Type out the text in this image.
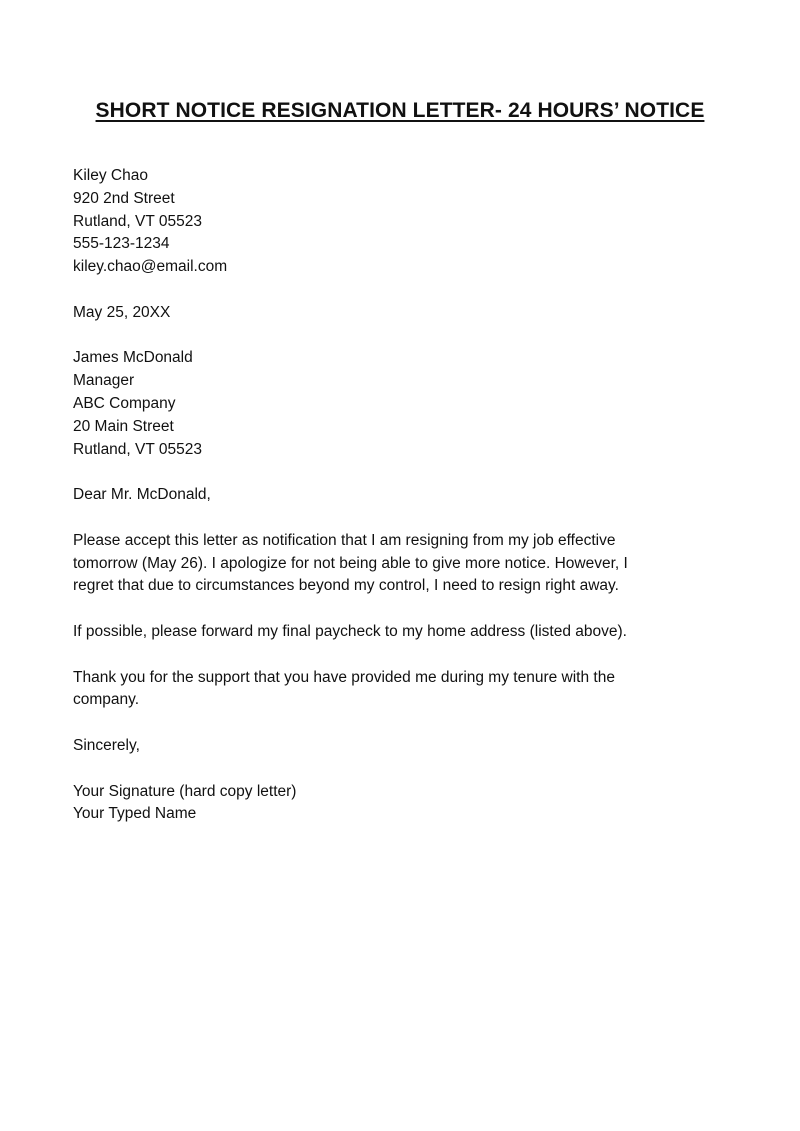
SHORT NOTICE RESIGNATION LETTER- 24 HOURS’ NOTICE
Kiley Chao
920 2nd Street
Rutland, VT 05523
555-123-1234
kiley.chao@email.com
May 25, 20XX
James McDonald
Manager
ABC Company
20 Main Street
Rutland, VT 05523
Dear Mr. McDonald,
Please accept this letter as notification that I am resigning from my job effective
tomorrow (May 26). I apologize for not being able to give more notice. However, I
regret that due to circumstances beyond my control, I need to resign right away.
If possible, please forward my final paycheck to my home address (listed above).
Thank you for the support that you have provided me during my tenure with the
company.
Sincerely,
Your Signature (hard copy letter)
Your Typed Name
